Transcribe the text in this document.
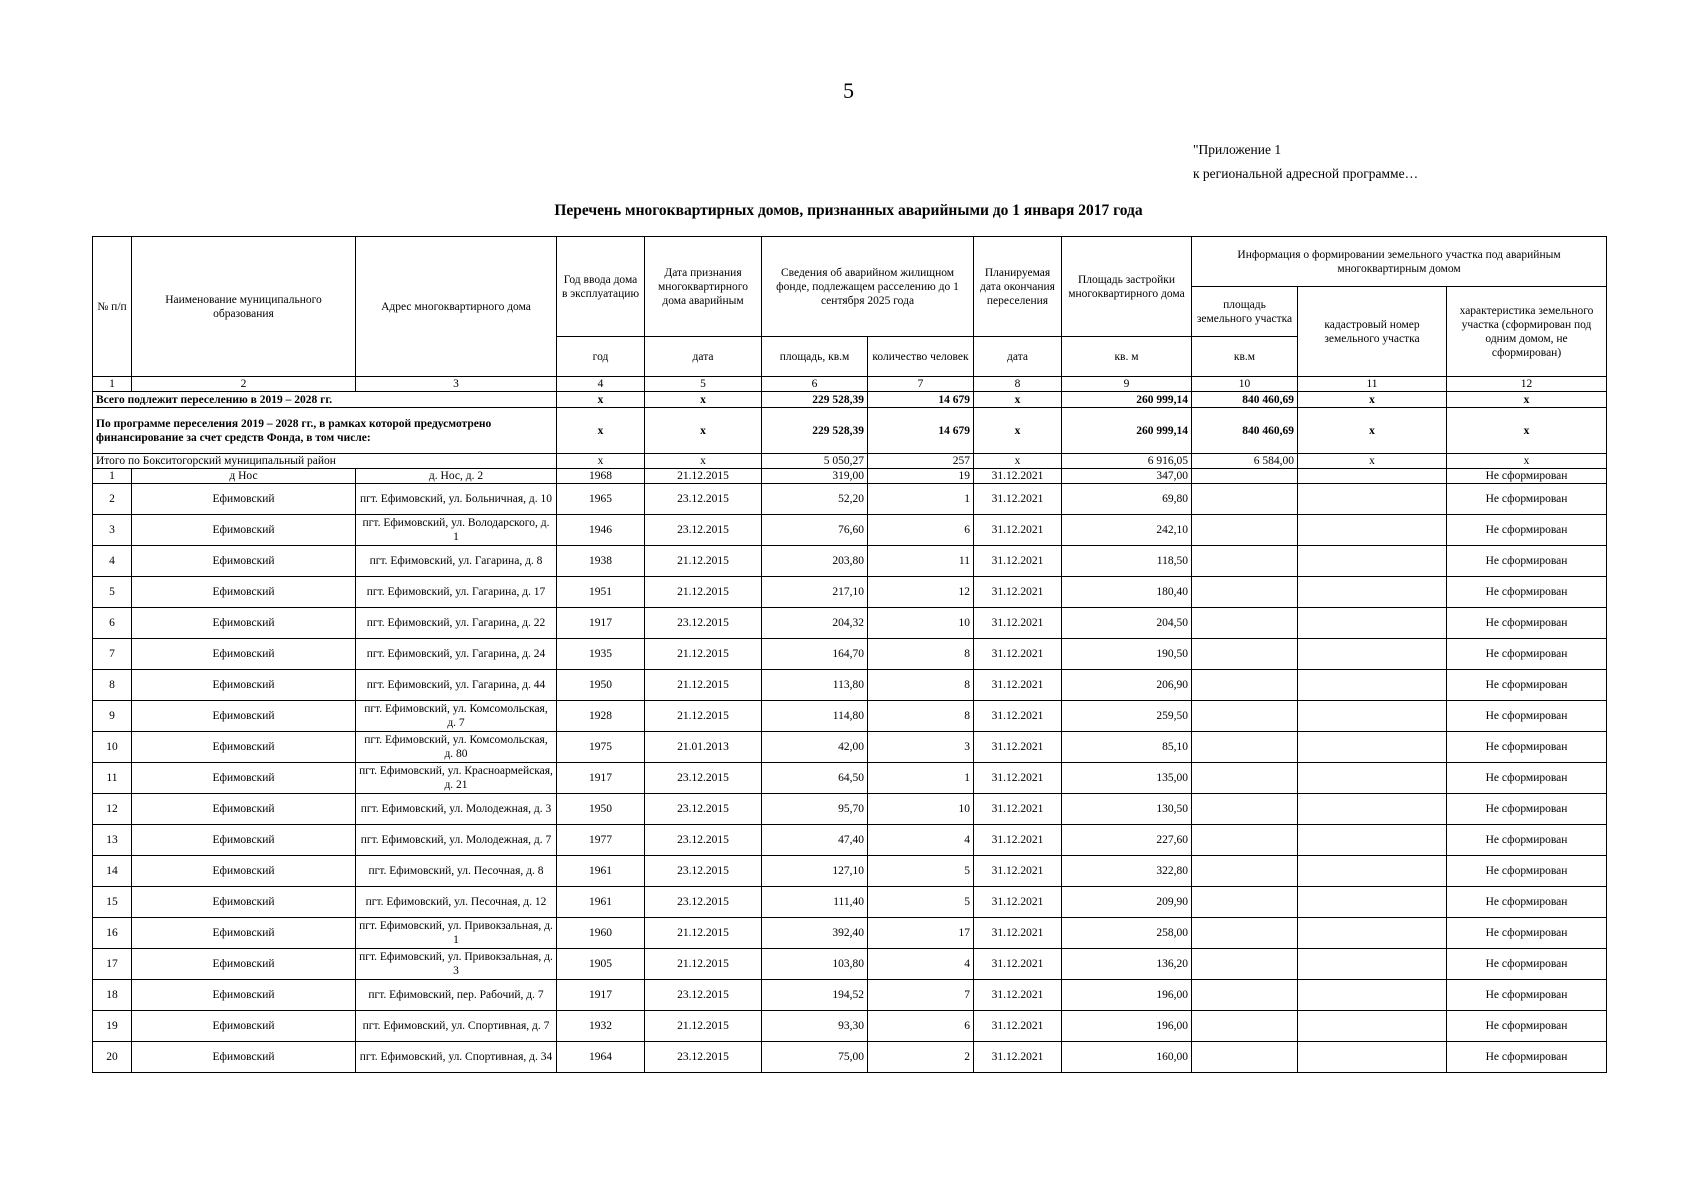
5
"Приложение 1
к региональной адресной программе…
Перечень многоквартирных домов, признанных аварийными до 1 января 2017 года
№ п/п	Наименование муниципального образования	Адрес многоквартирного дома	Год ввода дома в эксплуатацию	Дата признания многоквартирного дома аварийным	Сведения об аварийном жилищном фонде, подлежащем расселению до 1 сентября 2025 года		Планируемая дата окончания переселения	Площадь застройки многоквартирного дома	Информация о формировании земельного участка под аварийным многоквартирным домом		
									площадь земельного участка	кадастровый номер земельного участка	характеристика земельного участка (сформирован под одним домом, не сформирован)
			год	дата	площадь, кв.м	количество человек	дата	кв. м	кв.м		
1	2	3	4	5	6	7	8	9	10	11	12
Всего подлежит переселению в 2019 – 2028 гг.			х	х	229 528,39	14 679	х	260 999,14	840 460,69	х	х
По программе переселения 2019 – 2028 гг., в рамках которой предусмотрено финансирование за счет средств Фонда, в том числе:			х	х	229 528,39	14 679	х	260 999,14	840 460,69	х	х
Итого по Бокситогорский муниципальный район			х	х	5 050,27	257	х	6 916,05	6 584,00	х	х
1	д Нос	д. Нос, д. 2	1968	21.12.2015	319,00	19	31.12.2021	347,00			Не сформирован
2	Ефимовский	пгт. Ефимовский, ул. Больничная, д. 10	1965	23.12.2015	52,20	1	31.12.2021	69,80			Не сформирован
3	Ефимовский	пгт. Ефимовский, ул. Володарского, д. 1	1946	23.12.2015	76,60	6	31.12.2021	242,10			Не сформирован
4	Ефимовский	пгт. Ефимовский, ул. Гагарина, д. 8	1938	21.12.2015	203,80	11	31.12.2021	118,50			Не сформирован
5	Ефимовский	пгт. Ефимовский, ул. Гагарина, д. 17	1951	21.12.2015	217,10	12	31.12.2021	180,40			Не сформирован
6	Ефимовский	пгт. Ефимовский, ул. Гагарина, д. 22	1917	23.12.2015	204,32	10	31.12.2021	204,50			Не сформирован
7	Ефимовский	пгт. Ефимовский, ул. Гагарина, д. 24	1935	21.12.2015	164,70	8	31.12.2021	190,50			Не сформирован
8	Ефимовский	пгт. Ефимовский, ул. Гагарина, д. 44	1950	21.12.2015	113,80	8	31.12.2021	206,90			Не сформирован
9	Ефимовский	пгт. Ефимовский, ул. Комсомольская, д. 7	1928	21.12.2015	114,80	8	31.12.2021	259,50			Не сформирован
10	Ефимовский	пгт. Ефимовский, ул. Комсомольская, д. 80	1975	21.01.2013	42,00	3	31.12.2021	85,10			Не сформирован
11	Ефимовский	пгт. Ефимовский, ул. Красноармейская, д. 21	1917	23.12.2015	64,50	1	31.12.2021	135,00			Не сформирован
12	Ефимовский	пгт. Ефимовский, ул. Молодежная, д. 3	1950	23.12.2015	95,70	10	31.12.2021	130,50			Не сформирован
13	Ефимовский	пгт. Ефимовский, ул. Молодежная, д. 7	1977	23.12.2015	47,40	4	31.12.2021	227,60			Не сформирован
14	Ефимовский	пгт. Ефимовский, ул. Песочная, д. 8	1961	23.12.2015	127,10	5	31.12.2021	322,80			Не сформирован
15	Ефимовский	пгт. Ефимовский, ул. Песочная, д. 12	1961	23.12.2015	111,40	5	31.12.2021	209,90			Не сформирован
16	Ефимовский	пгт. Ефимовский, ул. Привокзальная, д. 1	1960	21.12.2015	392,40	17	31.12.2021	258,00			Не сформирован
17	Ефимовский	пгт. Ефимовский, ул. Привокзальная, д. 3	1905	21.12.2015	103,80	4	31.12.2021	136,20			Не сформирован
18	Ефимовский	пгт. Ефимовский, пер. Рабочий, д. 7	1917	23.12.2015	194,52	7	31.12.2021	196,00			Не сформирован
19	Ефимовский	пгт. Ефимовский, ул. Спортивная, д. 7	1932	21.12.2015	93,30	6	31.12.2021	196,00			Не сформирован
20	Ефимовский	пгт. Ефимовский, ул. Спортивная, д. 34	1964	23.12.2015	75,00	2	31.12.2021	160,00			Не сформирован
